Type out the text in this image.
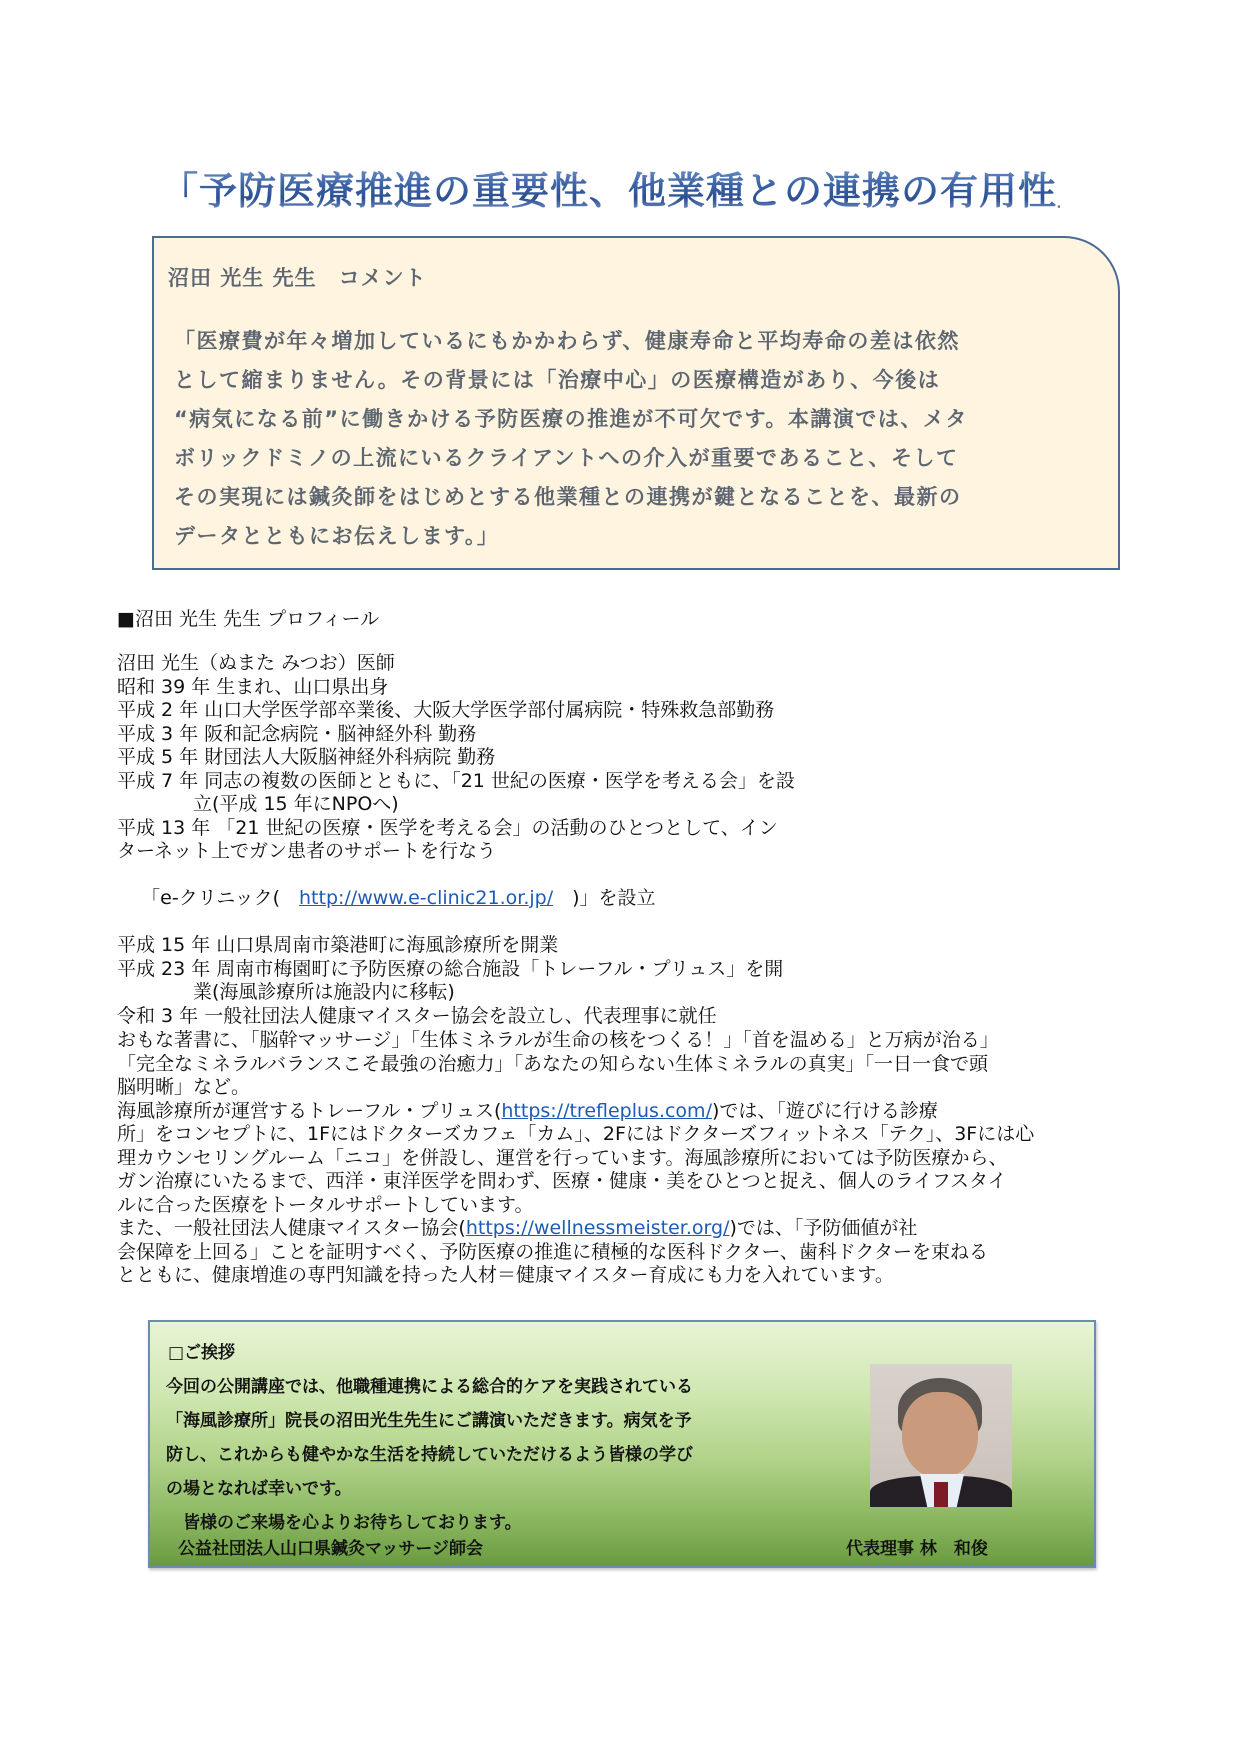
「予防医療推進の重要性、他業種との連携の有用性」
沼田 光生 先生　コメント
「医療費が年々増加しているにもかかわらず、健康寿命と平均寿命の差は依然
として縮まりません。その背景には「治療中心」の医療構造があり、今後は
“病気になる前”に働きかける予防医療の推進が不可欠です。本講演では、メタ
ボリックドミノの上流にいるクライアントへの介入が重要であること、そして
その実現には鍼灸師をはじめとする他業種との連携が鍵となることを、最新の
データとともにお伝えします。」
■沼田 光生 先生 プロフィール
沼田 光生（ぬまた みつお）医師
昭和 39 年 生まれ、山口県出身
平成 2 年 山口大学医学部卒業後、大阪大学医学部付属病院・特殊救急部勤務
平成 3 年 阪和記念病院・脳神経外科 勤務
平成 5 年 財団法人大阪脳神経外科病院 勤務
平成 7 年 同志の複数の医師とともに、「21 世紀の医療・医学を考える会」を設
　　　　立(平成 15 年にNPOへ)
平成 13 年 「21 世紀の医療・医学を考える会」の活動のひとつとして、イン
ターネット上でガン患者のサポートを行なう

「e-クリニック(　http://www.e-clinic21.or.jp/　)」を設立

平成 15 年 山口県周南市築港町に海風診療所を開業
平成 23 年 周南市梅園町に予防医療の総合施設「トレーフル・プリュス」を開
　　　　業(海風診療所は施設内に移転)
令和 3 年 一般社団法人健康マイスター協会を設立し、代表理事に就任
おもな著書に、「脳幹マッサージ」「生体ミネラルが生命の核をつくる！」「首を温める」と万病が治る」
「完全なミネラルバランスこそ最強の治癒力」「あなたの知らない生体ミネラルの真実」「一日一食で頭
脳明晰」など。
海風診療所が運営するトレーフル・プリュス(https://trefleplus.com/)では、「遊びに行ける診療
所」をコンセプトに、1Fにはドクターズカフェ「カム」、2Fにはドクターズフィットネス「テク」、3Fには心
理カウンセリングルーム「ニコ」を併設し、運営を行っています。海風診療所においては予防医療から、
ガン治療にいたるまで、西洋・東洋医学を問わず、医療・健康・美をひとつと捉え、個人のライフスタイ
ルに合った医療をトータルサポートしています。
また、一般社団法人健康マイスター協会(https://wellnessmeister.org/)では、「予防価値が社
会保障を上回る」ことを証明すべく、予防医療の推進に積極的な医科ドクター、歯科ドクターを束ねる
とともに、健康増進の専門知識を持った人材＝健康マイスター育成にも力を入れています。
□ご挨拶
今回の公開講座では、他職種連携による総合的ケアを実践されている
「海風診療所」院長の沼田光生先生にご講演いただきます。病気を予
防し、これからも健やかな生活を持続していただけるよう皆様の学び
の場となれば幸いです。
　皆様のご来場を心よりお待ちしております。
公益社団法人山口県鍼灸マッサージ師会	代表理事 林　和俊
